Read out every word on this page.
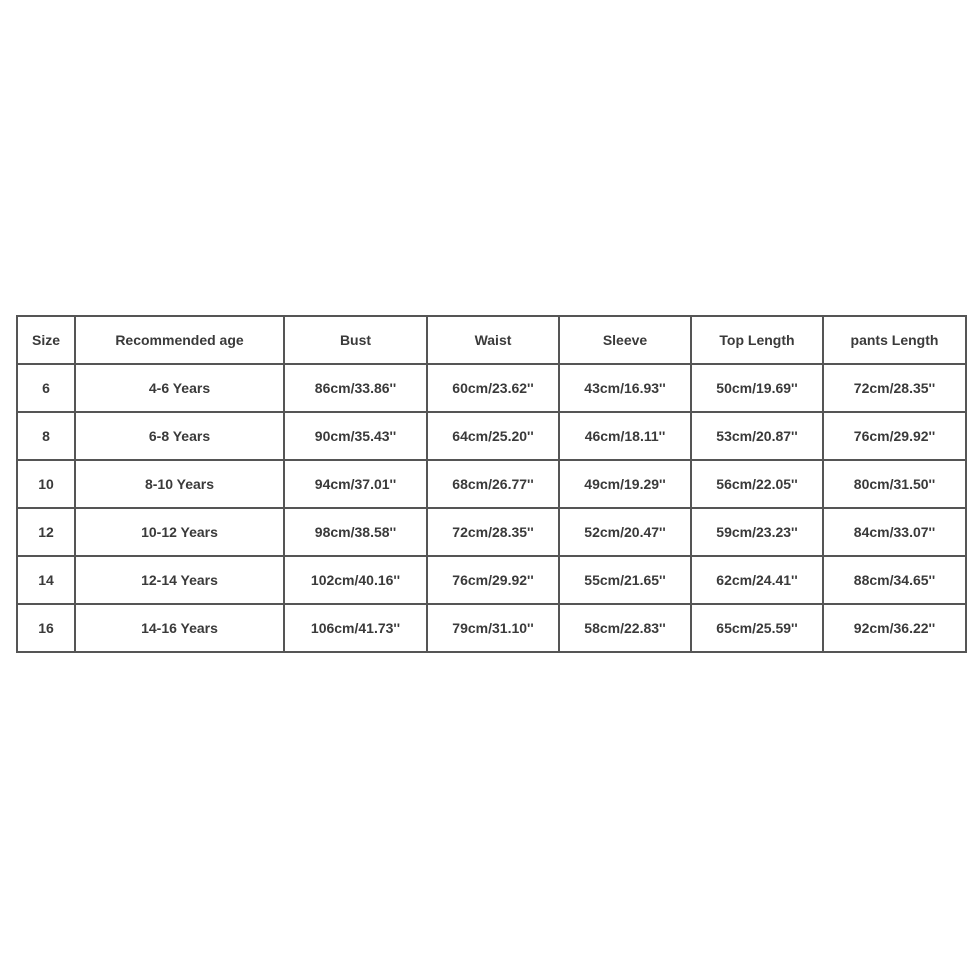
Size	Recommended age	Bust	Waist	Sleeve	Top Length	pants Length
6	4-6 Years	86cm/33.86''	60cm/23.62''	43cm/16.93''	50cm/19.69''	72cm/28.35''
8	6-8 Years	90cm/35.43''	64cm/25.20''	46cm/18.11''	53cm/20.87''	76cm/29.92''
10	8-10 Years	94cm/37.01''	68cm/26.77''	49cm/19.29''	56cm/22.05''	80cm/31.50''
12	10-12 Years	98cm/38.58''	72cm/28.35''	52cm/20.47''	59cm/23.23''	84cm/33.07''
14	12-14 Years	102cm/40.16''	76cm/29.92''	55cm/21.65''	62cm/24.41''	88cm/34.65''
16	14-16 Years	106cm/41.73''	79cm/31.10''	58cm/22.83''	65cm/25.59''	92cm/36.22''
